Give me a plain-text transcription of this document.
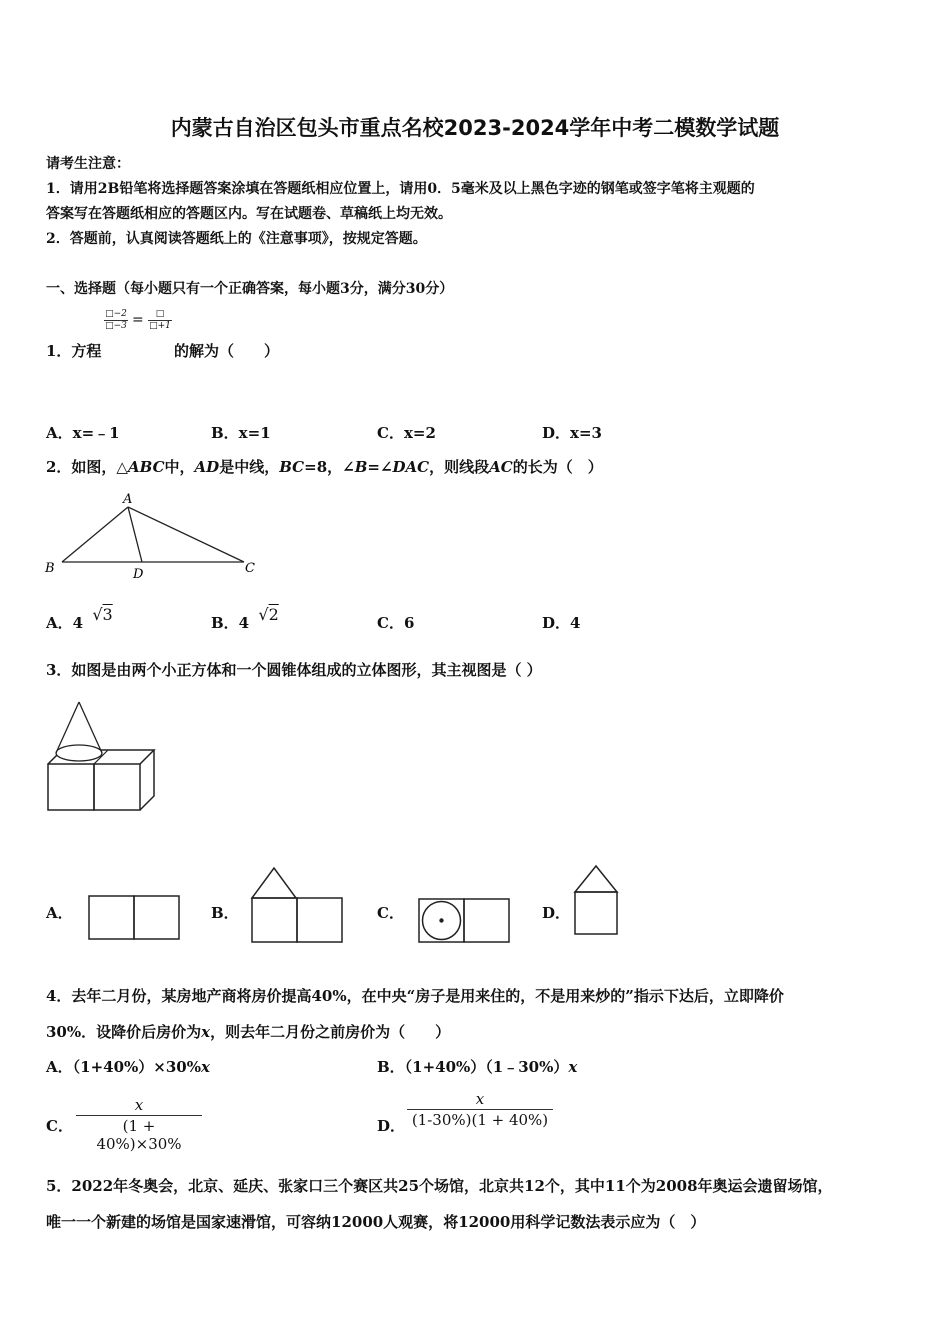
内蒙古自治区包头市重点名校2023-2024学年中考二模数学试题
请考生注意：
1．请用2B铅笔将选择题答案涂填在答题纸相应位置上，请用0．5毫米及以上黑色字迹的钢笔或签字笔将主观题的
答案写在答题纸相应的答题区内。写在试题卷、草稿纸上均无效。
2．答题前，认真阅读答题纸上的《注意事项》，按规定答题。
一、选择题（每小题只有一个正确答案，每小题3分，满分30分）
□−2
□−3 =	□
□+1
1．方程	的解为（　　）
A．x=﹣1	B．x=1	C．x=2	D．x=3
2．如图，△ABC中，AD是中线，BC=8，∠B=∠DAC，则线段AC的长为（　）
A
B	D	C
A．4 √3	B．4 √2	C．6	D．4
3．如图是由两个小正方体和一个圆锥体组成的立体图形，其主视图是（ ）
A．	B．	C．	D．
4．去年二月份，某房地产商将房价提高40%，在中央“房子是用来住的，不是用来炒的”指示下达后，立即降价
30%．设降价后房价为x，则去年二月份之前房价为（　　）
A．（1+40%）×30%x	B．（1+40%）（1﹣30%）x
C．
x
(1 + 40%)×30%
D．
x
(1-30%)(1 + 40%)
5．2022年冬奥会，北京、延庆、张家口三个赛区共25个场馆，北京共12个，其中11个为2008年奥运会遗留场馆，
唯一一个新建的场馆是国家速滑馆，可容纳12000人观赛，将12000用科学记数法表示应为（　）
